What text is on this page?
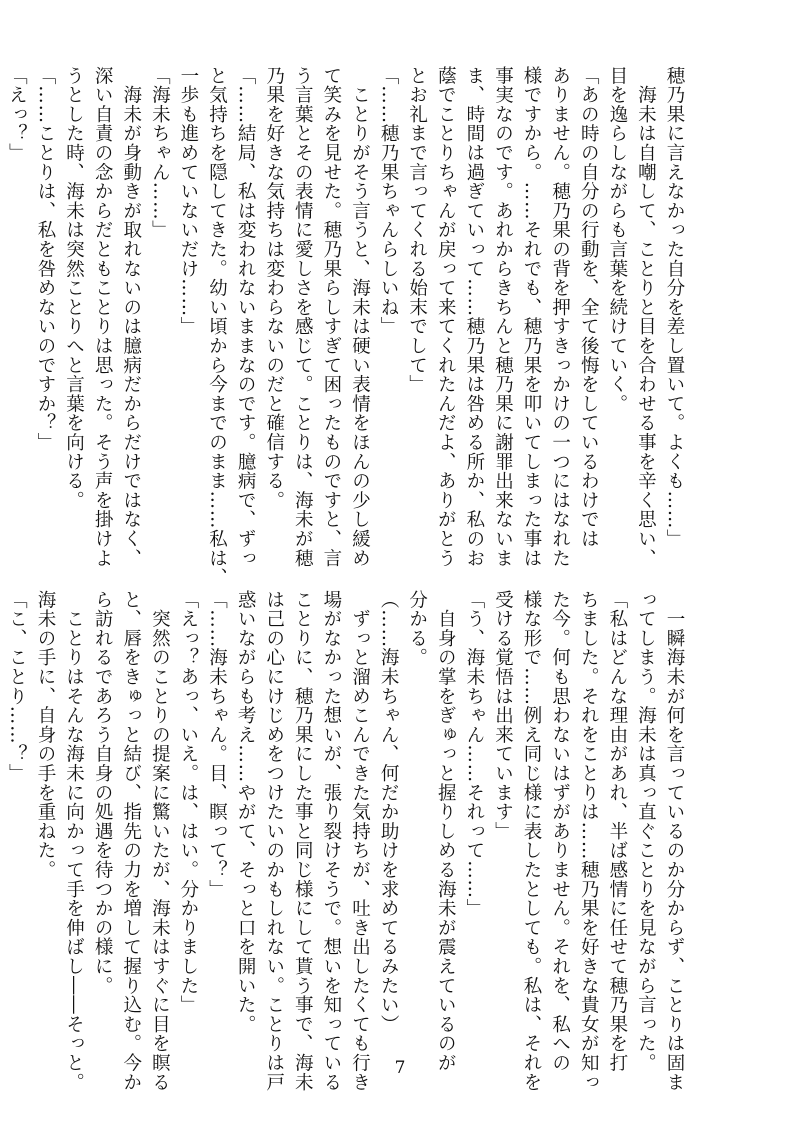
穂乃果に言えなかった自分を差し置いて。よくも……」
　海未は自嘲して、ことりと目を合わせる事を辛く思い、
目を逸らしながらも言葉を続けていく。
「あの時の自分の行動を、全て後悔をしているわけでは
ありません。穂乃果の背を押すきっかけの一つにはなれた
様ですから。……それでも、穂乃果を叩いてしまった事は
事実なのです。あれからきちんと穂乃果に謝罪出来ないま
ま、時間は過ぎていって……穂乃果は咎める所か、私のお
蔭でことりちゃんが戻って来てくれたんだよ、ありがとう
とお礼まで言ってくれる始末でして」
「……穂乃果ちゃんらしいね」
　ことりがそう言うと、海未は硬い表情をほんの少し緩め
て笑みを見せた。穂乃果らしすぎて困ったものですと、言
う言葉とその表情に愛しさを感じて。ことりは、海未が穂
乃果を好きな気持ちは変わらないのだと確信する。
「……結局、私は変われないままなのです。臆病で、ずっ
と気持ちを隠してきた。幼い頃から今までのまま……私は、
一歩も進めていないだけ……」
「海未ちゃん……」
　海未が身動きが取れないのは臆病だからだけではなく、
深い自責の念からだともことりは思った。そう声を掛けよ
うとした時、海未は突然ことりへと言葉を向ける。
「……ことりは、私を咎めないのですか？」
「えっ？」
　一瞬海未が何を言っているのか分からず、ことりは固ま
ってしまう。海未は真っ直ぐことりを見ながら言った。
「私はどんな理由があれ、半ば感情に任せて穂乃果を打
ちました。それをことりは……穂乃果を好きな貴女が知っ
た今。何も思わないはずがありません。それを、私への
様な形で……例え同じ様に表したとしても。私は、それを
受ける覚悟は出来ています」
「う、海未ちゃん……それって……」
　自身の掌をぎゅっと握りしめる海未が震えているのが
分かる。
（……海未ちゃん、何だか助けを求めてるみたい）
　ずっと溜めこんできた気持ちが、吐き出したくても行き
場がなかった想いが、張り裂けそうで。想いを知っている
ことりに、穂乃果にした事と同じ様にして貰う事で、海未
は己の心にけじめをつけたいのかもしれない。ことりは戸
惑いながらも考え……やがて、そっと口を開いた。
「……海未ちゃん。目、瞑って？」
「えっ？あっ、いえ。は、はい。分かりました」
　突然のことりの提案に驚いたが、海未はすぐに目を瞑る
と、唇をきゅっと結び、指先の力を増して握り込む。今か
ら訪れるであろう自身の処遇を待つかの様に。
　ことりはそんな海未に向かって手を伸ばし――そっと。
海未の手に、自身の手を重ねた。
「こ、ことり……？」
7
